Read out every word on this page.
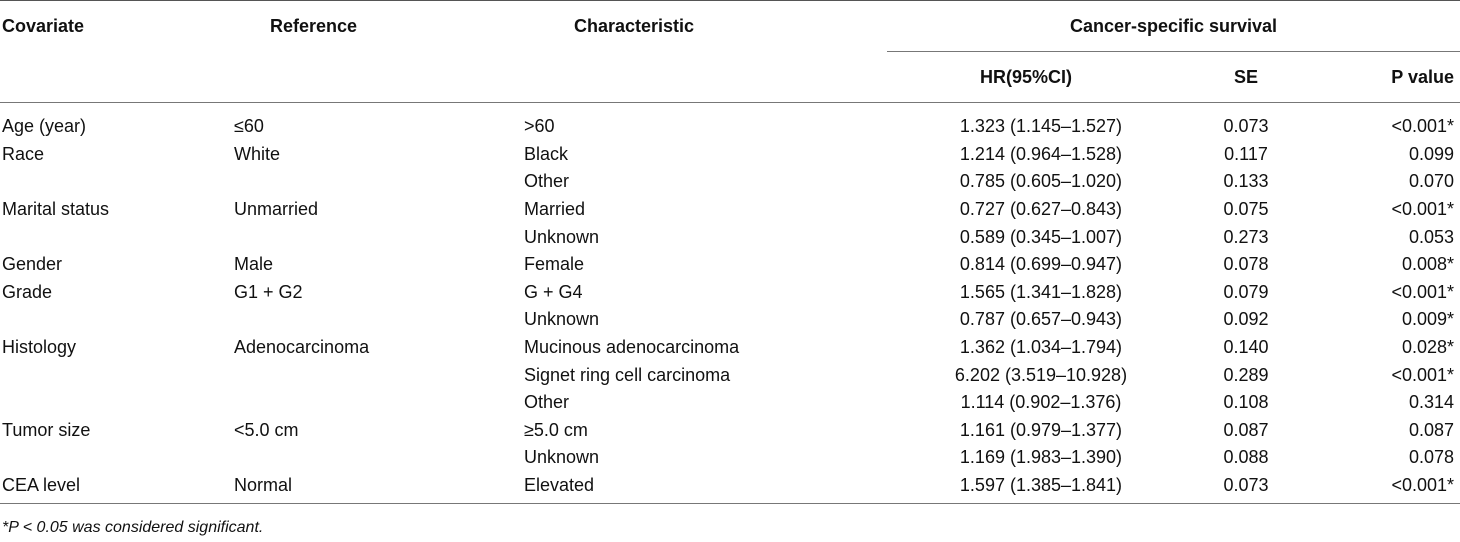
Covariate	Reference	Characteristic	Cancer-specific survival		
			HR(95%CI)	SE	P value
Age (year)	≤60	>60	1.323 (1.145–1.527)	0.073	<0.001*
Race	White	Black	1.214 (0.964–1.528)	0.117	0.099
		Other	0.785 (0.605–1.020)	0.133	0.070
Marital status	Unmarried	Married	0.727 (0.627–0.843)	0.075	<0.001*
		Unknown	0.589 (0.345–1.007)	0.273	0.053
Gender	Male	Female	0.814 (0.699–0.947)	0.078	0.008*
Grade	G1 + G2	G + G4	1.565 (1.341–1.828)	0.079	<0.001*
		Unknown	0.787 (0.657–0.943)	0.092	0.009*
Histology	Adenocarcinoma	Mucinous adenocarcinoma	1.362 (1.034–1.794)	0.140	0.028*
		Signet ring cell carcinoma	6.202 (3.519–10.928)	0.289	<0.001*
		Other	1.114 (0.902–1.376)	0.108	0.314
Tumor size	<5.0 cm	≥5.0 cm	1.161 (0.979–1.377)	0.087	0.087
		Unknown	1.169 (1.983–1.390)	0.088	0.078
CEA level	Normal	Elevated	1.597 (1.385–1.841)	0.073	<0.001*

*P < 0.05 was considered significant.					
